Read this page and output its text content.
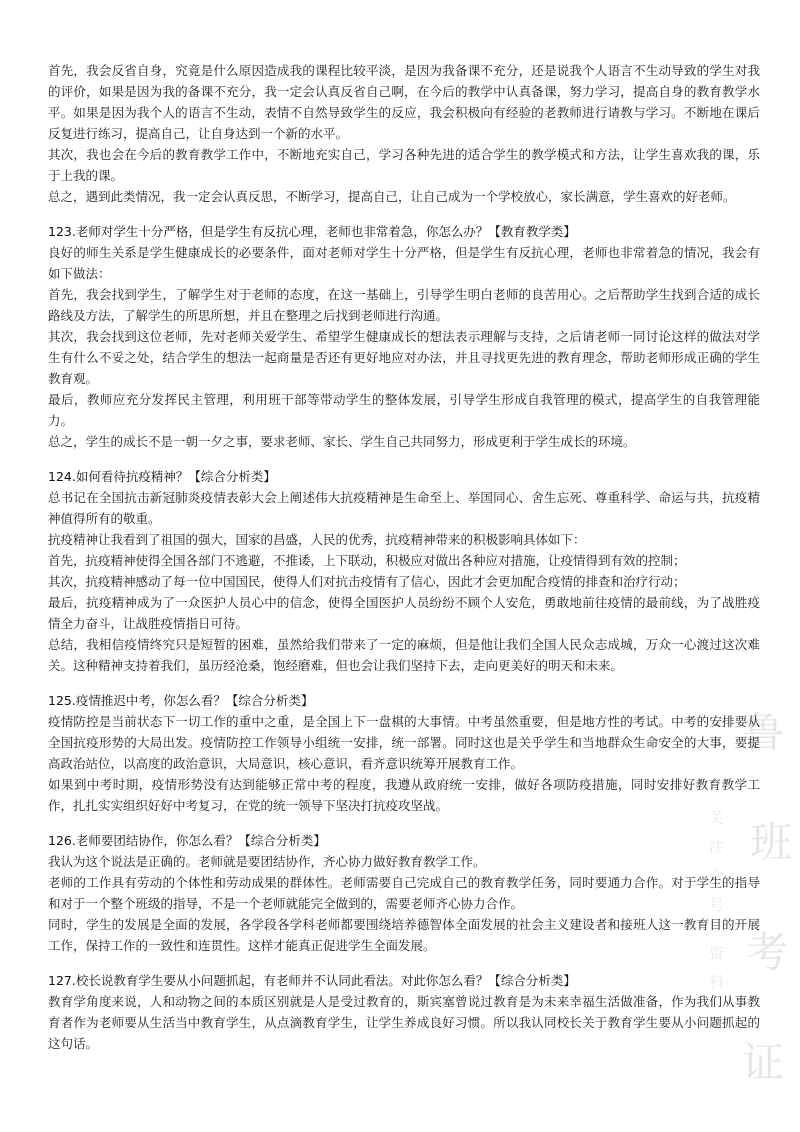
鲁
班
考
证
关注众号 资料

首先，我会反省自身，究竟是什么原因造成我的课程比较平淡，是因为我备课不充分，还是说我个人语言不生动导致的学生对我的评价，如果是因为我的备课不充分，我一定会认真反省自己啊，在今后的教学中认真备课，努力学习，提高自身的教育教学水平。如果是因为我个人的语言不生动，表情不自然导致学生的反应，我会积极向有经验的老教师进行请教与学习。不断地在课后反复进行练习，提高自己，让自身达到一个新的水平。

其次，我也会在今后的教育教学工作中，不断地充实自己，学习各种先进的适合学生的教学模式和方法，让学生喜欢我的课，乐于上我的课。

总之，遇到此类情况，我一定会认真反思，不断学习，提高自己，让自己成为一个学校放心，家长满意，学生喜欢的好老师。

123.老师对学生十分严格，但是学生有反抗心理，老师也非常着急，你怎么办？【教育教学类】

良好的师生关系是学生健康成长的必要条件，面对老师对学生十分严格，但是学生有反抗心理，老师也非常着急的情况，我会有如下做法：

首先，我会找到学生，了解学生对于老师的态度，在这一基础上，引导学生明白老师的良苦用心。之后帮助学生找到合适的成长路线及方法，了解学生的所思所想，并且在整理之后找到老师进行沟通。

其次，我会找到这位老师，先对老师关爱学生、希望学生健康成长的想法表示理解与支持，之后请老师一同讨论这样的做法对学生有什么不妥之处，结合学生的想法一起商量是否还有更好地应对办法，并且寻找更先进的教育理念，帮助老师形成正确的学生教育观。

最后，教师应充分发挥民主管理，利用班干部等带动学生的整体发展，引导学生形成自我管理的模式，提高学生的自我管理能力。

总之，学生的成长不是一朝一夕之事，要求老师、家长、学生自己共同努力，形成更利于学生成长的环境。

124.如何看待抗疫精神？【综合分析类】

总书记在全国抗击新冠肺炎疫情表彰大会上阐述伟大抗疫精神是生命至上、举国同心、舍生忘死、尊重科学、命运与共，抗疫精神值得所有的敬重。

抗疫精神让我看到了祖国的强大，国家的昌盛，人民的优秀，抗疫精神带来的积极影响具体如下：

首先，抗疫精神使得全国各部门不逃避，不推诿，上下联动，积极应对做出各种应对措施，让疫情得到有效的控制；

其次，抗疫精神感动了每一位中国国民，使得人们对抗击疫情有了信心，因此才会更加配合疫情的排查和治疗行动；

最后，抗疫精神成为了一众医护人员心中的信念，使得全国医护人员纷纷不顾个人安危，勇敢地前往疫情的最前线，为了战胜疫情全力奋斗，让战胜疫情指日可待。

总结，我相信疫情终究只是短暂的困难，虽然给我们带来了一定的麻烦，但是他让我们全国人民众志成城，万众一心渡过这次难关。这种精神支持着我们，虽历经沧桑，饱经磨难，但也会让我们坚持下去，走向更美好的明天和未来。

125.疫情推迟中考，你怎么看？【综合分析类】

疫情防控是当前状态下一切工作的重中之重，是全国上下一盘棋的大事情。中考虽然重要，但是地方性的考试。中考的安排要从全国抗疫形势的大局出发。疫情防控工作领导小组统一安排，统一部署。同时这也是关乎学生和当地群众生命安全的大事，要提高政治站位，以高度的政治意识，大局意识，核心意识，看齐意识统筹开展教育工作。

如果到中考时期，疫情形势没有达到能够正常中考的程度，我遵从政府统一安排，做好各项防疫措施，同时安排好教育教学工作，扎扎实实组织好好中考复习，在党的统一领导下坚决打抗疫攻坚战。

126.老师要团结协作，你怎么看？【综合分析类】

我认为这个说法是正确的。老师就是要团结协作，齐心协力做好教育教学工作。

老师的工作具有劳动的个体性和劳动成果的群体性。老师需要自己完成自己的教育教学任务，同时要通力合作。对于学生的指导和对于一个整个班级的指导，不是一个老师就能完全做到的，需要老师齐心协力合作。

同时，学生的发展是全面的发展，各学段各学科老师都要围绕培养德智体全面发展的社会主义建设者和接班人这一教育目的开展工作，保持工作的一致性和连贯性。这样才能真正促进学生全面发展。

127.校长说教育学生要从小问题抓起，有老师并不认同此看法。对此你怎么看？【综合分析类】

教育学角度来说，人和动物之间的本质区别就是人是受过教育的，斯宾塞曾说过教育是为未来幸福生活做准备，作为我们从事教育者作为老师要从生活当中教育学生，从点滴教育学生，让学生养成良好习惯。所以我认同校长关于教育学生要从小问题抓起的这句话。
